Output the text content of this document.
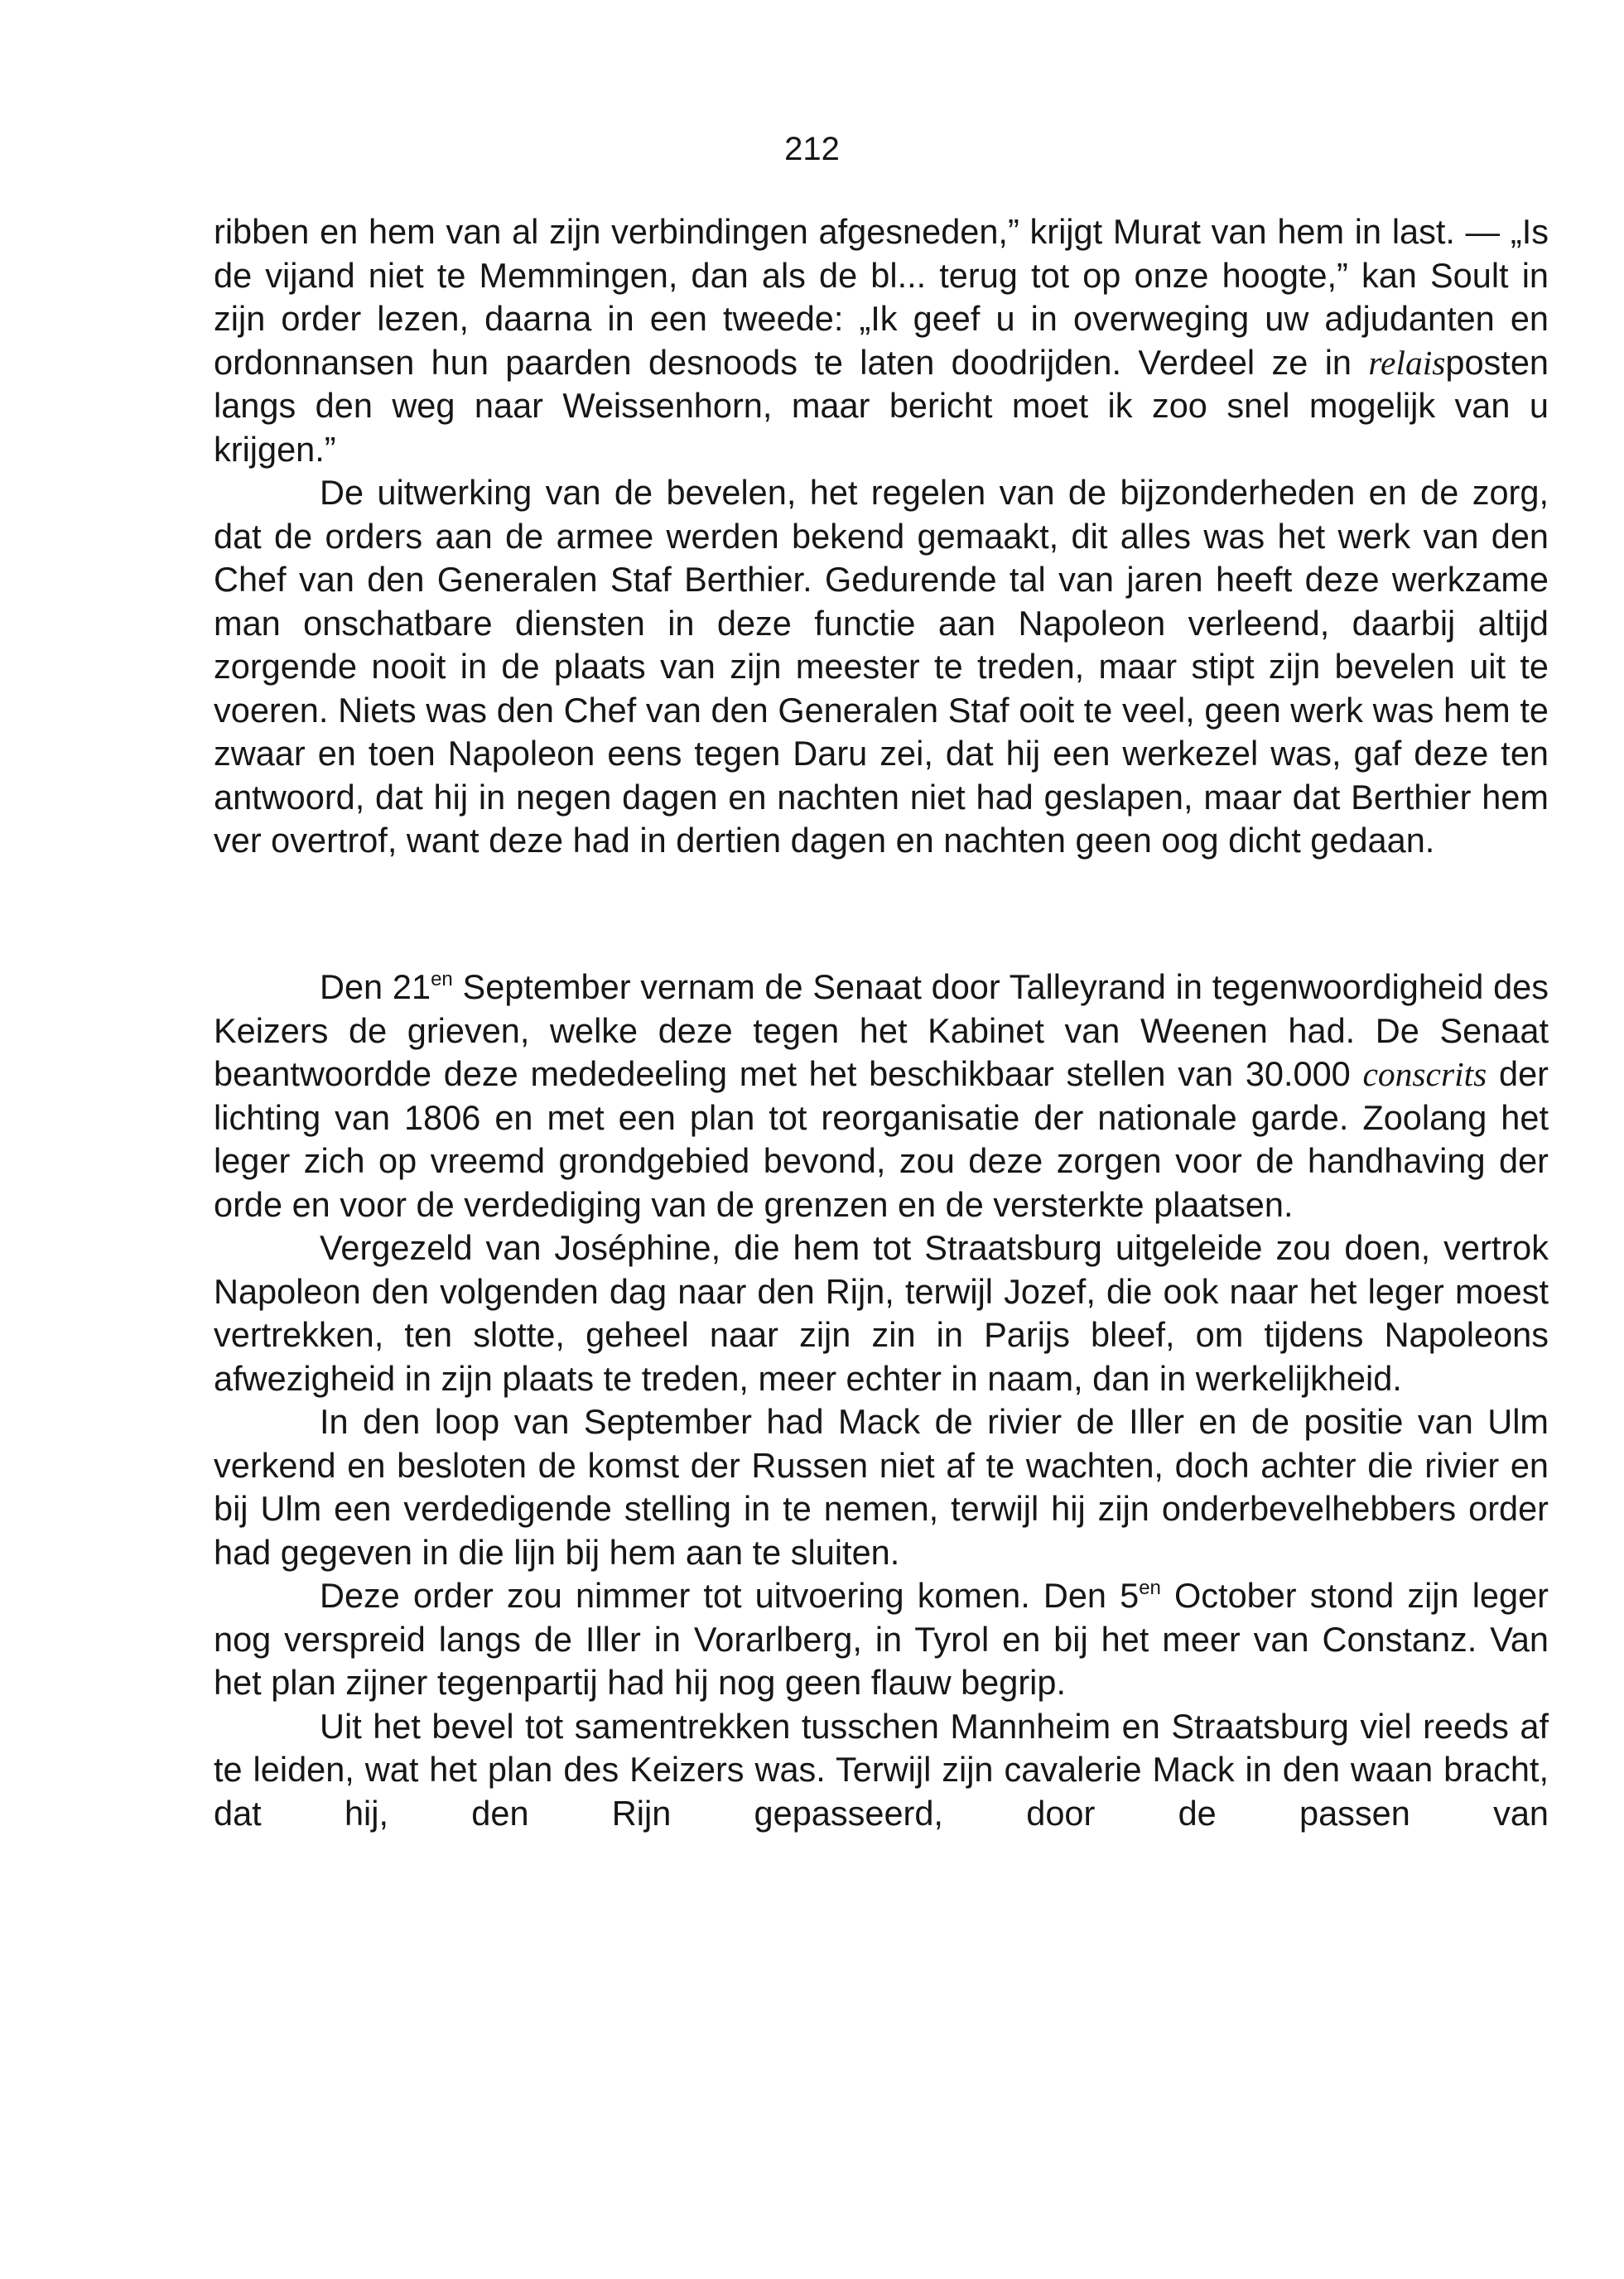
212

ribben en hem van al zijn verbindingen afgesneden,” krijgt Murat van hem in last. — „Is de vijand niet te Memmingen, dan als de bl... terug tot op onze hoogte,” kan Soult in zijn order lezen, daarna in een tweede: „Ik geef u in overweging uw adjudanten en ordonnansen hun paarden desnoods te laten doodrijden. Verdeel ze in relaisposten langs den weg naar Weissenhorn, maar bericht moet ik zoo snel mogelijk van u krijgen.”

De uitwerking van de bevelen, het regelen van de bijzonderheden en de zorg, dat de orders aan de armee werden bekend gemaakt, dit alles was het werk van den Chef van den Generalen Staf Berthier. Gedurende tal van jaren heeft deze werkzame man onschatbare diensten in deze functie aan Napoleon verleend, daarbij altijd zorgende nooit in de plaats van zijn meester te treden, maar stipt zijn bevelen uit te voeren. Niets was den Chef van den Generalen Staf ooit te veel, geen werk was hem te zwaar en toen Napoleon eens tegen Daru zei, dat hij een werkezel was, gaf deze ten antwoord, dat hij in negen dagen en nachten niet had geslapen, maar dat Berthier hem ver overtrof, want deze had in dertien dagen en nachten geen oog dicht gedaan.

Den $21^{en}$ September vernam de Senaat door Talleyrand in tegenwoordigheid des Keizers de grieven, welke deze tegen het Kabinet van Weenen had. De Senaat beantwoordde deze mededeeling met het beschikbaar stellen van 30.000 conscrits der lichting van 1806 en met een plan tot reorganisatie der nationale garde. Zoolang het leger zich op vreemd grondgebied bevond, zou deze zorgen voor de handhaving der orde en voor de verdediging van de grenzen en de versterkte plaatsen.

Vergezeld van Joséphine, die hem tot Straatsburg uitgeleide zou doen, vertrok Napoleon den volgenden dag naar den Rijn, terwijl Jozef, die ook naar het leger moest vertrekken, ten slotte, geheel naar zijn zin in Parijs bleef, om tijdens Napoleons afwezigheid in zijn plaats te treden, meer echter in naam, dan in werkelijkheid.

In den loop van September had Mack de rivier de Iller en de positie van Ulm verkend en besloten de komst der Russen niet af te wachten, doch achter die rivier en bij Ulm een verdedigende stelling in te nemen, terwijl hij zijn onderbevelhebbers order had gegeven in die lijn bij hem aan te sluiten.

Deze order zou nimmer tot uitvoering komen. Den $5^{en}$ October stond zijn leger nog verspreid langs de Iller in Vorarlberg, in Tyrol en bij het meer van Constanz. Van het plan zijner tegenpartij had hij nog geen flauw begrip.

Uit het bevel tot samentrekken tusschen Mannheim en Straatsburg viel reeds af te leiden, wat het plan des Keizers was. Terwijl zijn cavalerie Mack in den waan bracht, dat hij, den Rijn gepasseerd, door de passen van
